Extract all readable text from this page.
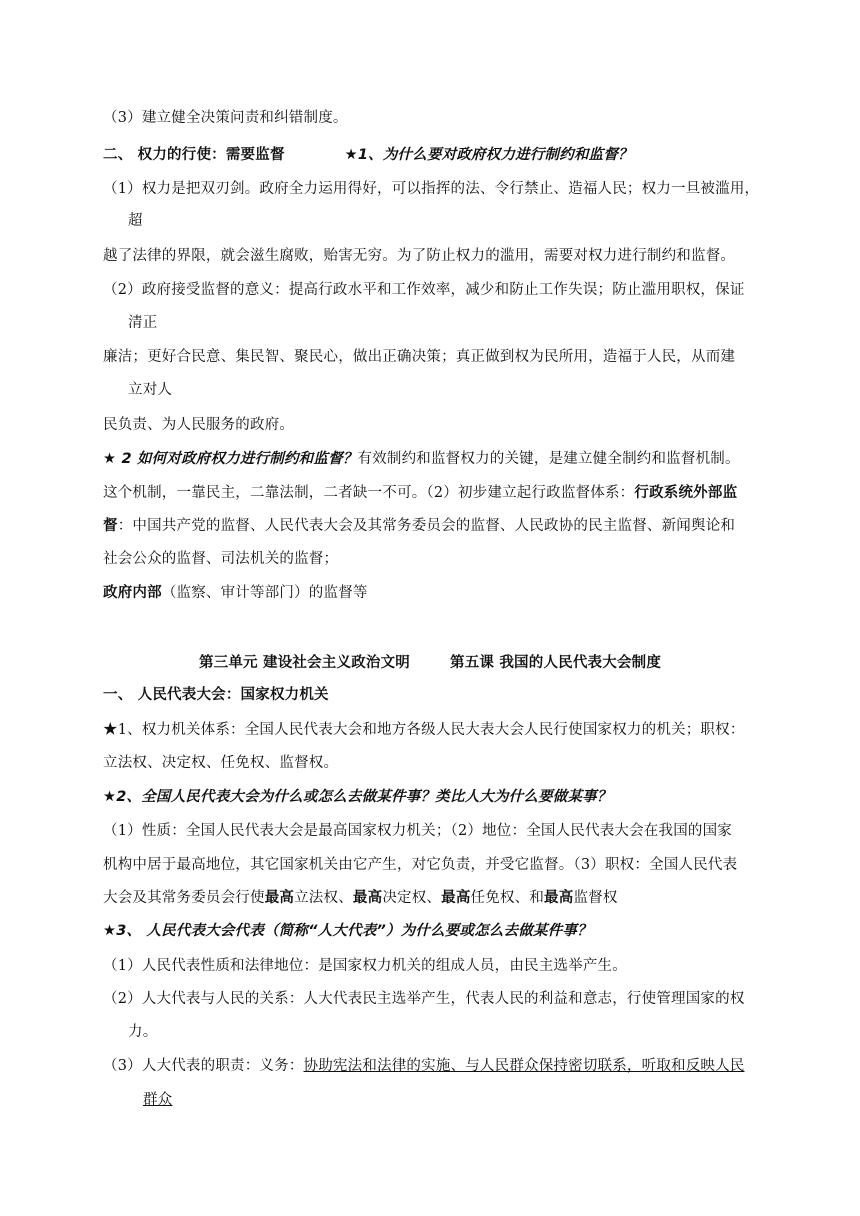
（3）建立健全决策问责和纠错制度。
二、 权力的行使：需要监督	★1、为什么要对政府权力进行制约和监督？
（1）权力是把双刃剑。政府全力运用得好，可以指挥的法、令行禁止、造福人民；权力一旦被滥用，
超
越了法律的界限，就会滋生腐败，贻害无穷。为了防止权力的滥用，需要对权力进行制约和监督。
（2）政府接受监督的意义：提高行政水平和工作效率，减少和防止工作失误；防止滥用职权，保证
清正
廉洁；更好合民意、集民智、聚民心，做出正确决策；真正做到权为民所用，造福于人民，从而建
立对人
民负责、为人民服务的政府。
★ 2 如何对政府权力进行制约和监督？有效制约和监督权力的关键，是建立健全制约和监督机制。
这个机制，一靠民主，二靠法制，二者缺一不可。（2）初步建立起行政监督体系：行政系统外部监
督：中国共产党的监督、人民代表大会及其常务委员会的监督、人民政协的民主监督、新闻舆论和
社会公众的监督、司法机关的监督；
政府内部（监察、审计等部门）的监督等
第三单元 建设社会主义政治文明	第五课 我国的人民代表大会制度
一、 人民代表大会：国家权力机关
★1、权力机关体系：全国人民代表大会和地方各级人民大表大会人民行使国家权力的机关；职权：
立法权、决定权、任免权、监督权。
★2、全国人民代表大会为什么或怎么去做某件事？类比人大为什么要做某事？
（1）性质：全国人民代表大会是最高国家权力机关；（2）地位：全国人民代表大会在我国的国家
机构中居于最高地位，其它国家机关由它产生，对它负责，并受它监督。（3）职权：全国人民代表
大会及其常务委员会行使最高立法权、最高决定权、最高任免权、和最高监督权
★3、 人民代表大会代表（简称“人大代表”）为什么要或怎么去做某件事？
（1）人民代表性质和法律地位：是国家权力机关的组成人员，由民主选举产生。
（2）人大代表与人民的关系：人大代表民主选举产生，代表人民的利益和意志，行使管理国家的权
力。
（3）人大代表的职责：义务：协助宪法和法律的实施、与人民群众保持密切联系，听取和反映人民
群众
